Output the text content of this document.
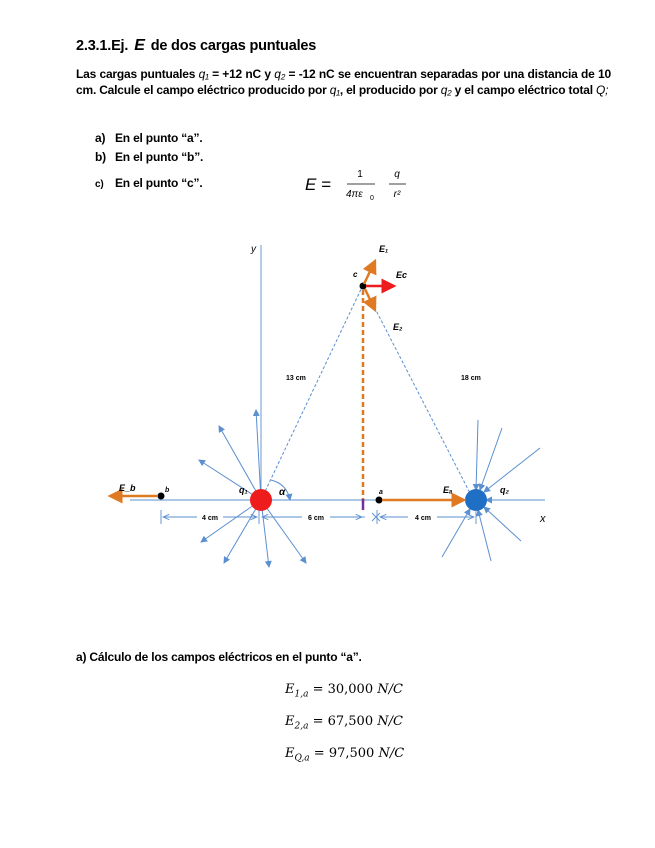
2.3.1.Ej. E de dos cargas puntuales
Las cargas puntuales q₁ = +12 nC y q₂ = -12 nC se encuentran separadas por una distancia de 10 cm. Calcule el campo eléctrico producido por q₁, el producido por q₂ y el campo eléctrico total Q;
a) En el punto “a”.
b) En el punto “b”.
c) En el punto “c”.	E =
1
4πε 0
q
r²
y
x
13 cm	18 cm
q₁	q₂
α	a	Eₐ
b
E_b
c
E₁
E₂
Eᴄ
4 cm	6 cm	4 cm
a) Cálculo de los campos eléctricos en el punto “a”.
$E_{1,a} = 30,000$ N/C
$E_{2,a} = 67,500$ N/C
$E_{Q,a} = 97,500$ N/C
